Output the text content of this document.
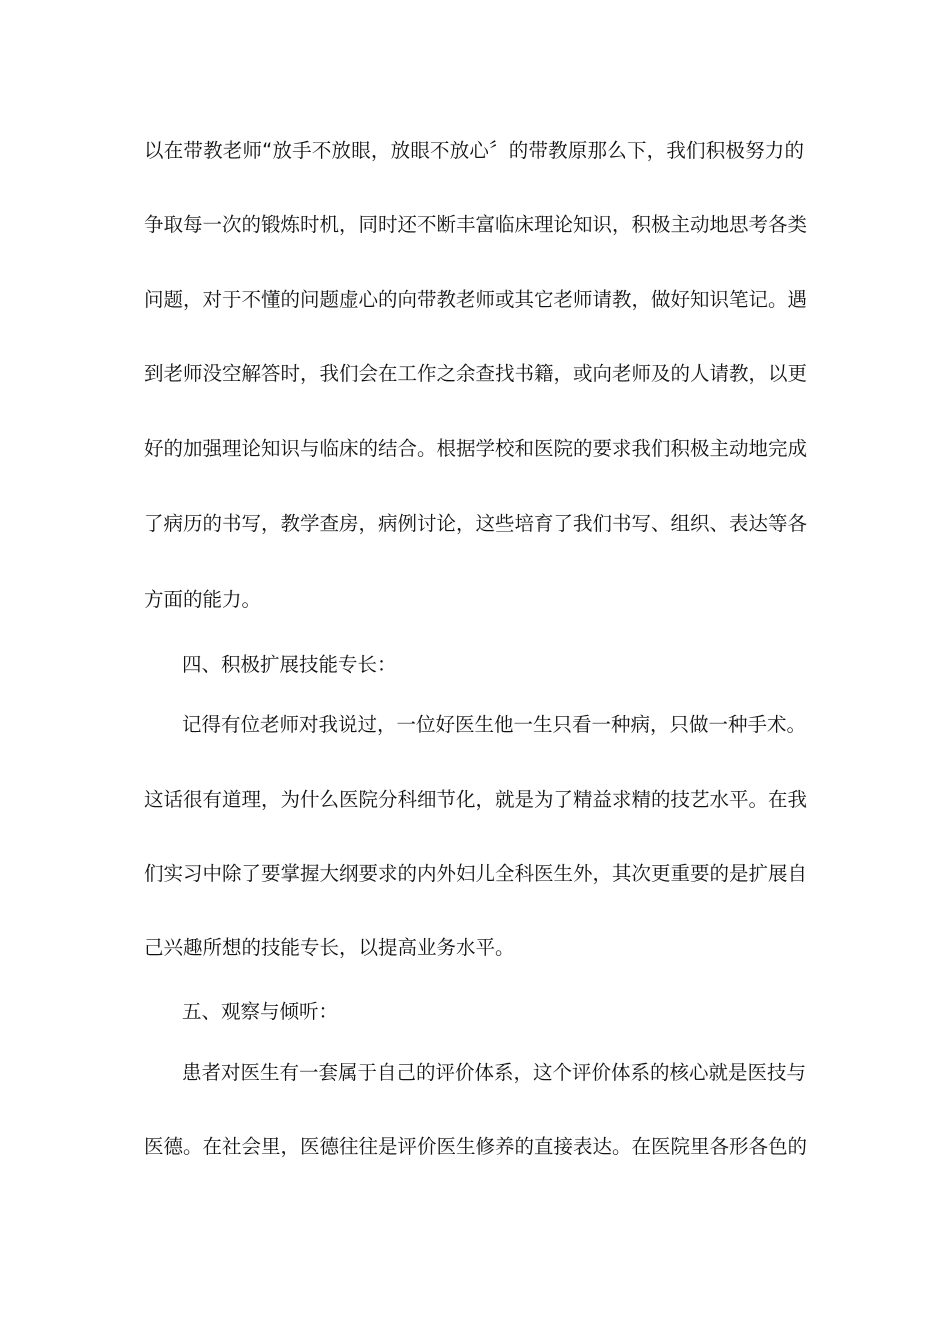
以在带教老师“放手不放眼，放眼不放心〞的带教原那么下，我们积极努力的
争取每一次的锻炼时机，同时还不断丰富临床理论知识，积极主动地思考各类
问题，对于不懂的问题虚心的向带教老师或其它老师请教，做好知识笔记。遇
到老师没空解答时，我们会在工作之余查找书籍，或向老师及的人请教，以更
好的加强理论知识与临床的结合。根据学校和医院的要求我们积极主动地完成
了病历的书写，教学查房，病例讨论，这些培育了我们书写、组织、表达等各
方面的能力。
四、积极扩展技能专长：
记得有位老师对我说过，一位好医生他一生只看一种病，只做一种手术。
这话很有道理，为什么医院分科细节化，就是为了精益求精的技艺水平。在我
们实习中除了要掌握大纲要求的内外妇儿全科医生外，其次更重要的是扩展自
己兴趣所想的技能专长，以提高业务水平。
五、观察与倾听：
患者对医生有一套属于自己的评价体系，这个评价体系的核心就是医技与
医德。在社会里，医德往往是评价医生修养的直接表达。在医院里各形各色的
